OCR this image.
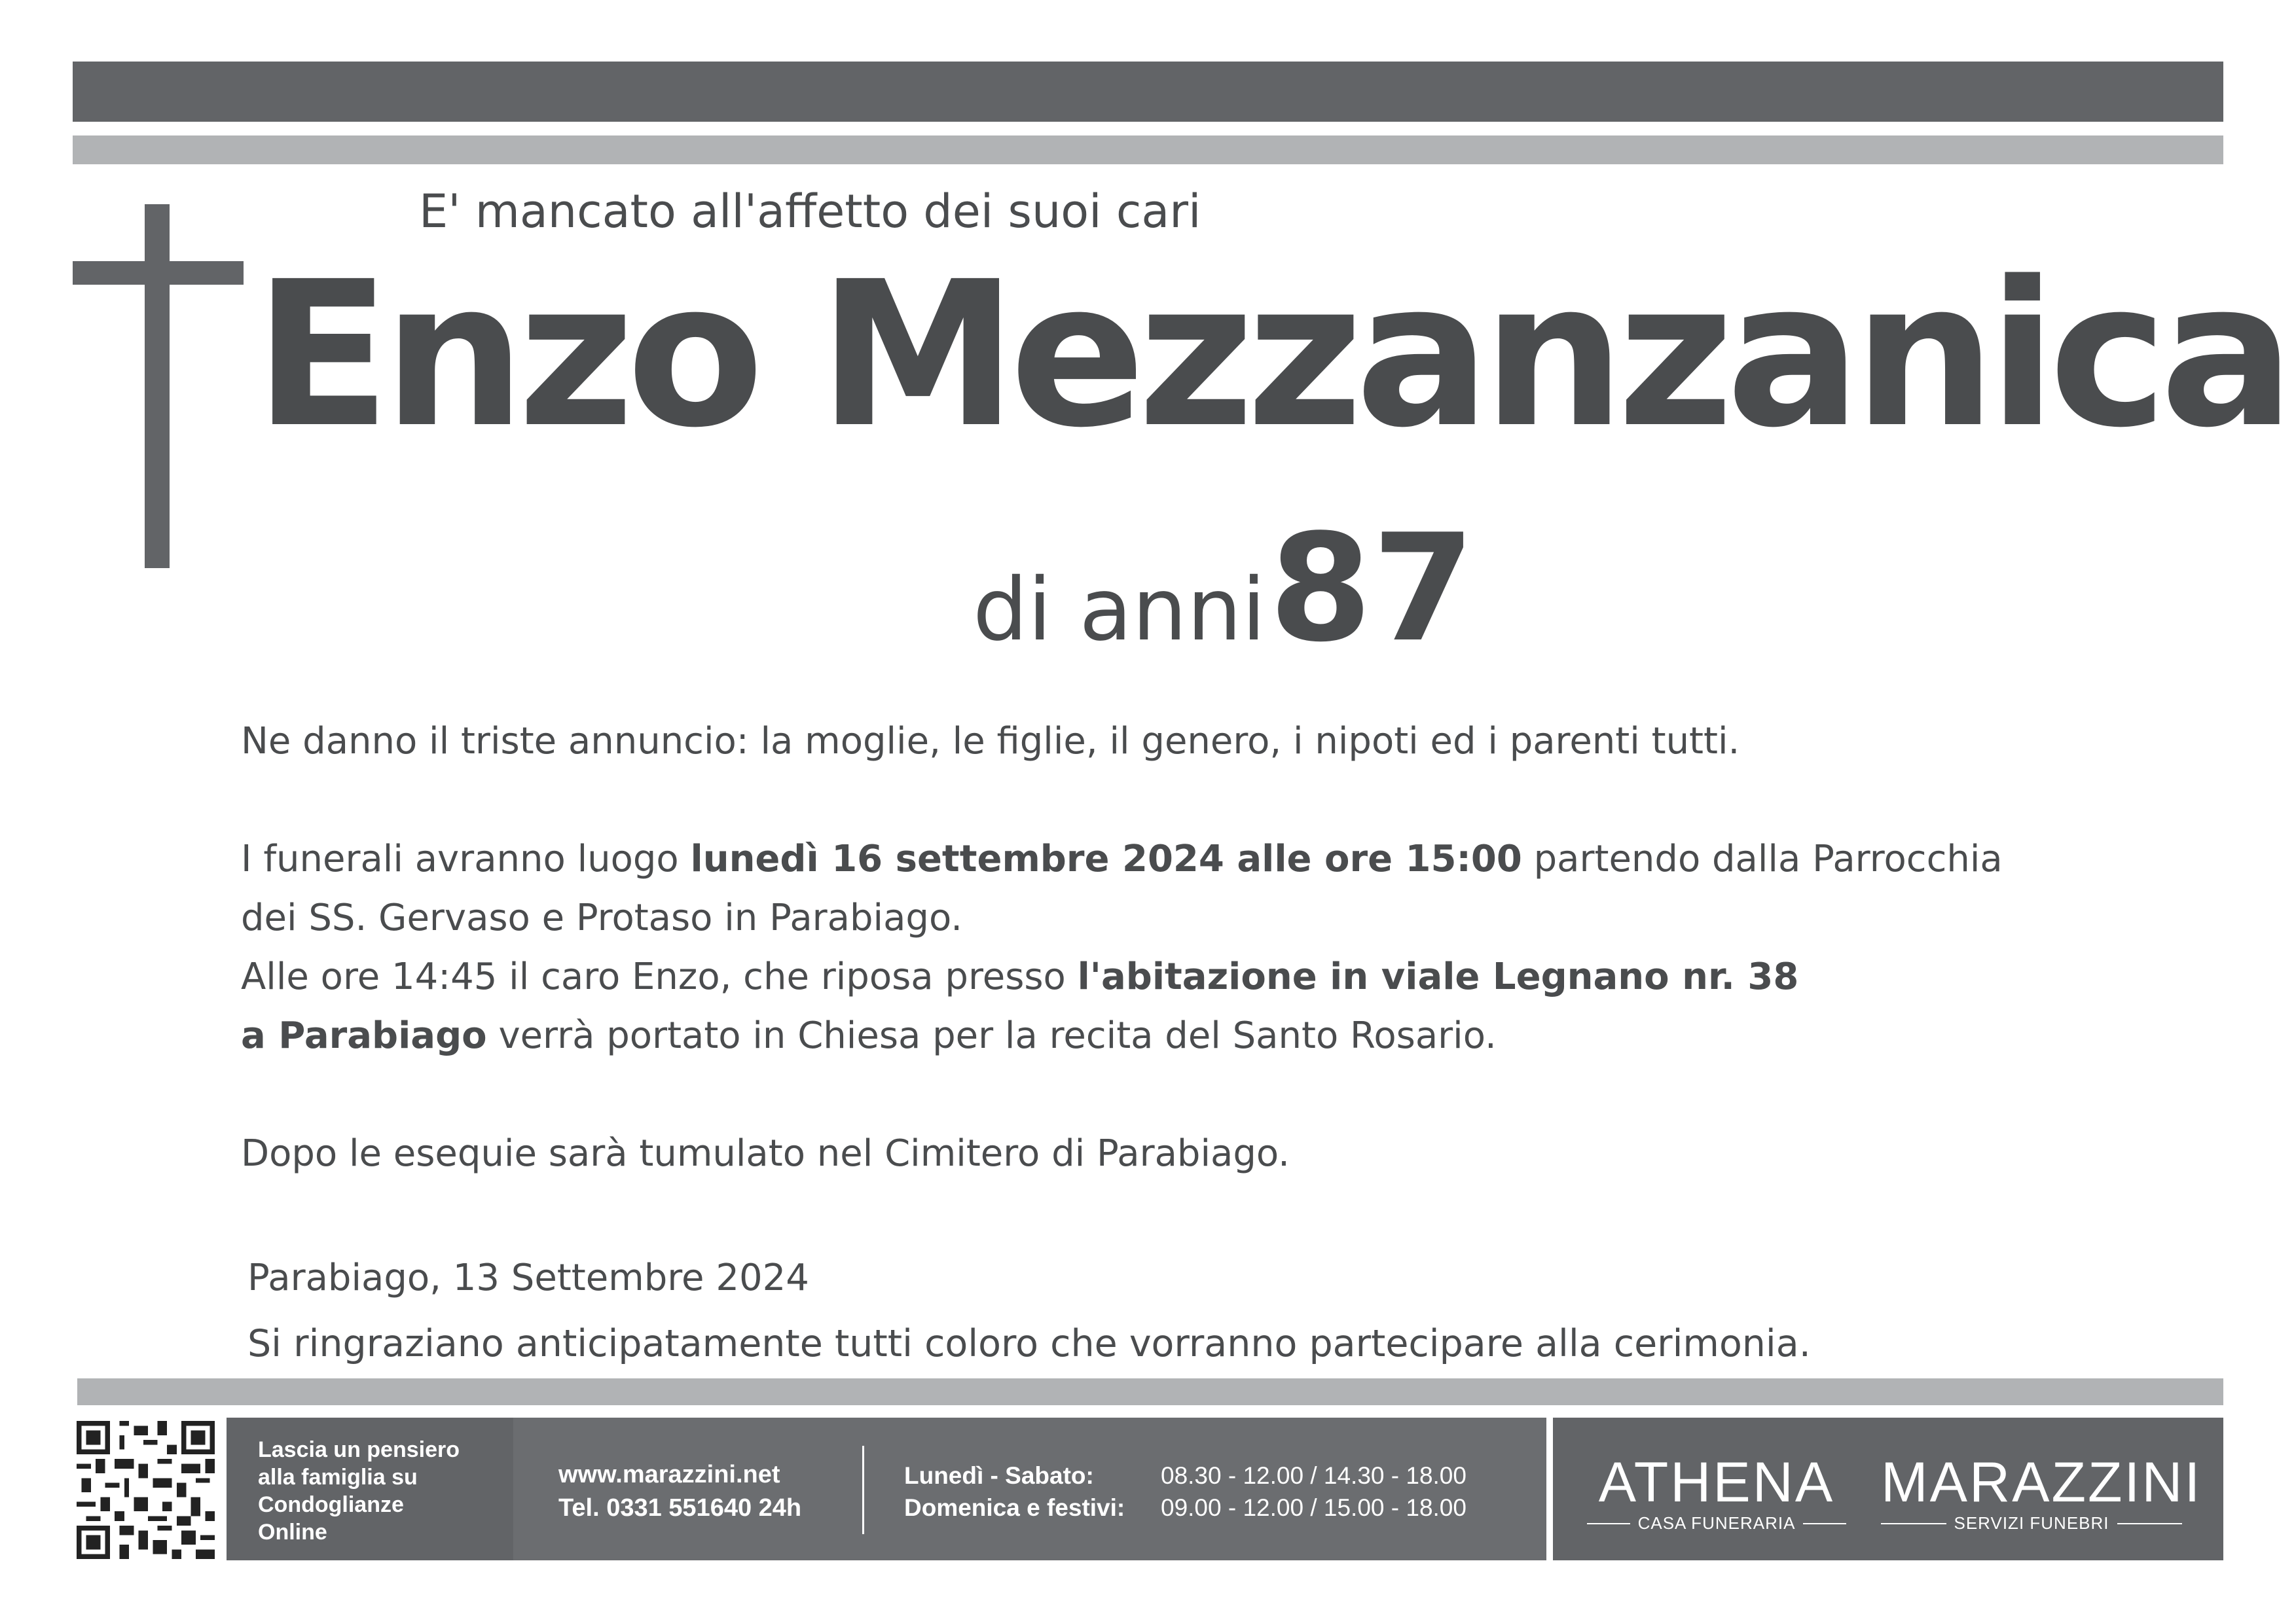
E' mancato all'affetto dei suoi cari

Enzo Mezzanzanica

di anni 87

Ne danno il triste annuncio: la moglie, le figlie, il genero, i nipoti ed i parenti tutti.
I funerali avranno luogo lunedì 16 settembre 2024 alle ore 15:00 partendo dalla Parrocchia
dei SS. Gervaso e Protaso in Parabiago.
Alle ore 14:45 il caro Enzo, che riposa presso l'abitazione in viale Legnano nr. 38
a Parabiago verrà portato in Chiesa per la recita del Santo Rosario.
Dopo le esequie sarà tumulato nel Cimitero di Parabiago.
Parabiago, 13 Settembre 2024
Si ringraziano anticipatamente tutti coloro che vorranno partecipare alla cerimonia.
Lascia un pensiero
alla famiglia su
Condoglianze
Online
www.marazzini.net
Tel. 0331 551640 24h
Lunedì - Sabato:	08.30 - 12.00 / 14.30 - 18.00
Domenica e festivi: 09.00 - 12.00 / 15.00 - 18.00 ATHENA
CASA FUNERARIA
MARAZZINI
SERVIZI FUNEBRI
